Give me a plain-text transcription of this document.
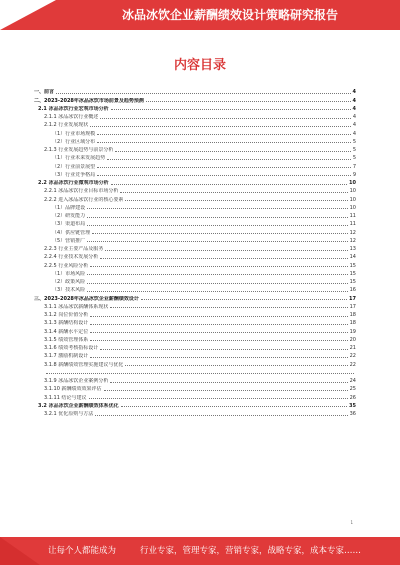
冰品冰饮企业薪酬绩效设计策略研究报告
内容目录
一、前言	4
二、2023-2028年冰品冰饮市场前景及趋势预测	4
2.1 冰品冰饮行业宏观市场分析	4
2.1.1 冰品冰饮行业概述	4
2.1.2 行业发展现状	4
（1）行业市场规模	4
（2）行业区域分布	5
2.1.3 行业发展趋势与前景分析	5
（1）行业未来发展趋势	5
（2）行业前景展望	7
（3）行业竞争格局	9
2.2 冰品冰饮行业微观市场分析	10
2.2.1 冰品冰饮行业目标市场分析	10
2.2.2 进入冰品冰饮行业的核心要素	10
（1）品牌建设	10
（2）研发能力	11
（3）渠道布局	11
（4）供应链管理	12
（5）营销推广	12
2.2.3 行业主要产品及服务	13
2.2.4 行业技术发展分析	14
2.2.5 行业风险分析	15
（1）市场风险	15
（2）政策风险	15
（3）技术风险	16
三、2023-2028年冰品冰饮企业薪酬绩效设计	17
3.1.1 冰品冰饮薪酬体系现状	17
3.1.2 岗位价值分析	18
3.1.3 薪酬结构设计	18
3.1.4 薪酬水平定位	19
3.1.5 绩效管理体系	20
3.1.6 绩效考核指标设计	21
3.1.7 激励机制设计	22
3.1.8 薪酬绩效管理实施建议与优化	22
3.1.9 冰品冰饮企业案例分析	24
3.1.10 薪酬绩效效果评估	25
3.1.11 结论与建议	26
3.2 冰品冰饮企业薪酬绩效体系优化	35
3.2.1 优化原则与方法	36
1
让每个人都能成为	行业专家，管理专家，营销专家，战略专家，成本专家……
